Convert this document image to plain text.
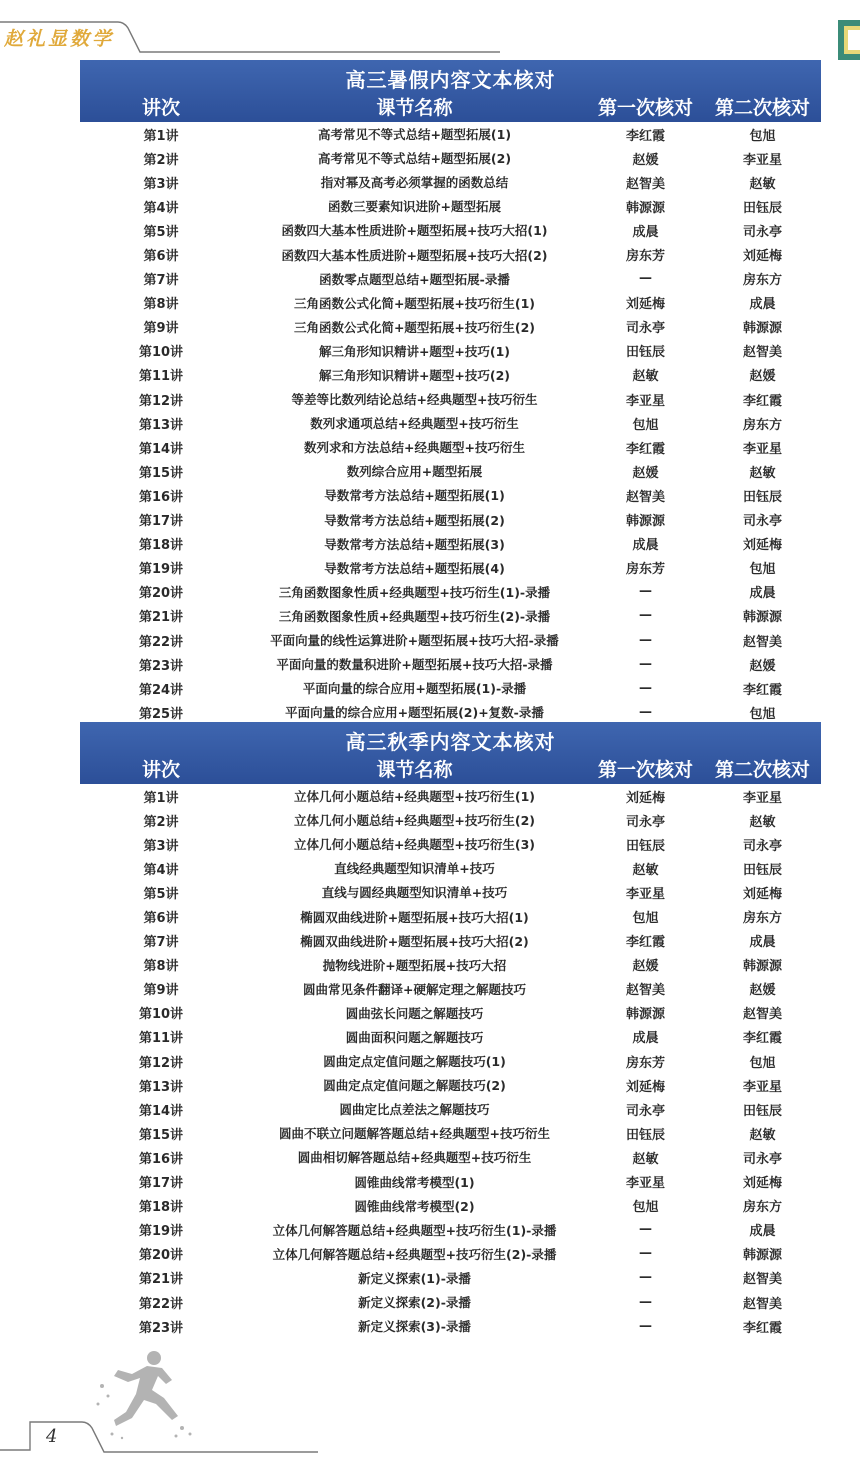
赵礼显数学
高三暑假内容文本核对
讲次	课节名称	第一次核对	第二次核对
第1讲	高考常见不等式总结+题型拓展(1)	李红霞	包旭
第2讲	高考常见不等式总结+题型拓展(2)	赵媛	李亚星
第3讲	指对幂及高考必须掌握的函数总结	赵智美	赵敏
第4讲	函数三要素知识进阶+题型拓展	韩源源	田钰辰
第5讲	函数四大基本性质进阶+题型拓展+技巧大招(1)	成晨	司永亭
第6讲	函数四大基本性质进阶+题型拓展+技巧大招(2)	房东芳	刘延梅
第7讲	函数零点题型总结+题型拓展-录播	—	房东方
第8讲	三角函数公式化简+题型拓展+技巧衍生(1)	刘延梅	成晨
第9讲	三角函数公式化简+题型拓展+技巧衍生(2)	司永亭	韩源源
第10讲	解三角形知识精讲+题型+技巧(1)	田钰辰	赵智美
第11讲	解三角形知识精讲+题型+技巧(2)	赵敏	赵媛
第12讲	等差等比数列结论总结+经典题型+技巧衍生	李亚星	李红霞
第13讲	数列求通项总结+经典题型+技巧衍生	包旭	房东方
第14讲	数列求和方法总结+经典题型+技巧衍生	李红霞	李亚星
第15讲	数列综合应用+题型拓展	赵媛	赵敏
第16讲	导数常考方法总结+题型拓展(1)	赵智美	田钰辰
第17讲	导数常考方法总结+题型拓展(2)	韩源源	司永亭
第18讲	导数常考方法总结+题型拓展(3)	成晨	刘延梅
第19讲	导数常考方法总结+题型拓展(4)	房东芳	包旭
第20讲	三角函数图象性质+经典题型+技巧衍生(1)-录播	—	成晨
第21讲	三角函数图象性质+经典题型+技巧衍生(2)-录播	—	韩源源
第22讲	平面向量的线性运算进阶+题型拓展+技巧大招-录播	—	赵智美
第23讲	平面向量的数量积进阶+题型拓展+技巧大招-录播	—	赵媛
第24讲	平面向量的综合应用+题型拓展(1)-录播	—	李红霞
第25讲	平面向量的综合应用+题型拓展(2)+复数-录播	—	包旭
高三秋季内容文本核对
讲次	课节名称	第一次核对	第二次核对
第1讲	立体几何小题总结+经典题型+技巧衍生(1)	刘延梅	李亚星
第2讲	立体几何小题总结+经典题型+技巧衍生(2)	司永亭	赵敏
第3讲	立体几何小题总结+经典题型+技巧衍生(3)	田钰辰	司永亭
第4讲	直线经典题型知识清单+技巧	赵敏	田钰辰
第5讲	直线与圆经典题型知识清单+技巧	李亚星	刘延梅
第6讲	椭圆双曲线进阶+题型拓展+技巧大招(1)	包旭	房东方
第7讲	椭圆双曲线进阶+题型拓展+技巧大招(2)	李红霞	成晨
第8讲	抛物线进阶+题型拓展+技巧大招	赵媛	韩源源
第9讲	圆曲常见条件翻译+硬解定理之解题技巧	赵智美	赵媛
第10讲	圆曲弦长问题之解题技巧	韩源源	赵智美
第11讲	圆曲面积问题之解题技巧	成晨	李红霞
第12讲	圆曲定点定值问题之解题技巧(1)	房东芳	包旭
第13讲	圆曲定点定值问题之解题技巧(2)	刘延梅	李亚星
第14讲	圆曲定比点差法之解题技巧	司永亭	田钰辰
第15讲	圆曲不联立问题解答题总结+经典题型+技巧衍生	田钰辰	赵敏
第16讲	圆曲相切解答题总结+经典题型+技巧衍生	赵敏	司永亭
第17讲	圆锥曲线常考模型(1)	李亚星	刘延梅
第18讲	圆锥曲线常考模型(2)	包旭	房东方
第19讲	立体几何解答题总结+经典题型+技巧衍生(1)-录播	—	成晨
第20讲	立体几何解答题总结+经典题型+技巧衍生(2)-录播	—	韩源源
第21讲	新定义探索(1)-录播	—	赵智美
第22讲	新定义探索(2)-录播	—	赵智美
第23讲	新定义探索(3)-录播	—	李红霞
4
